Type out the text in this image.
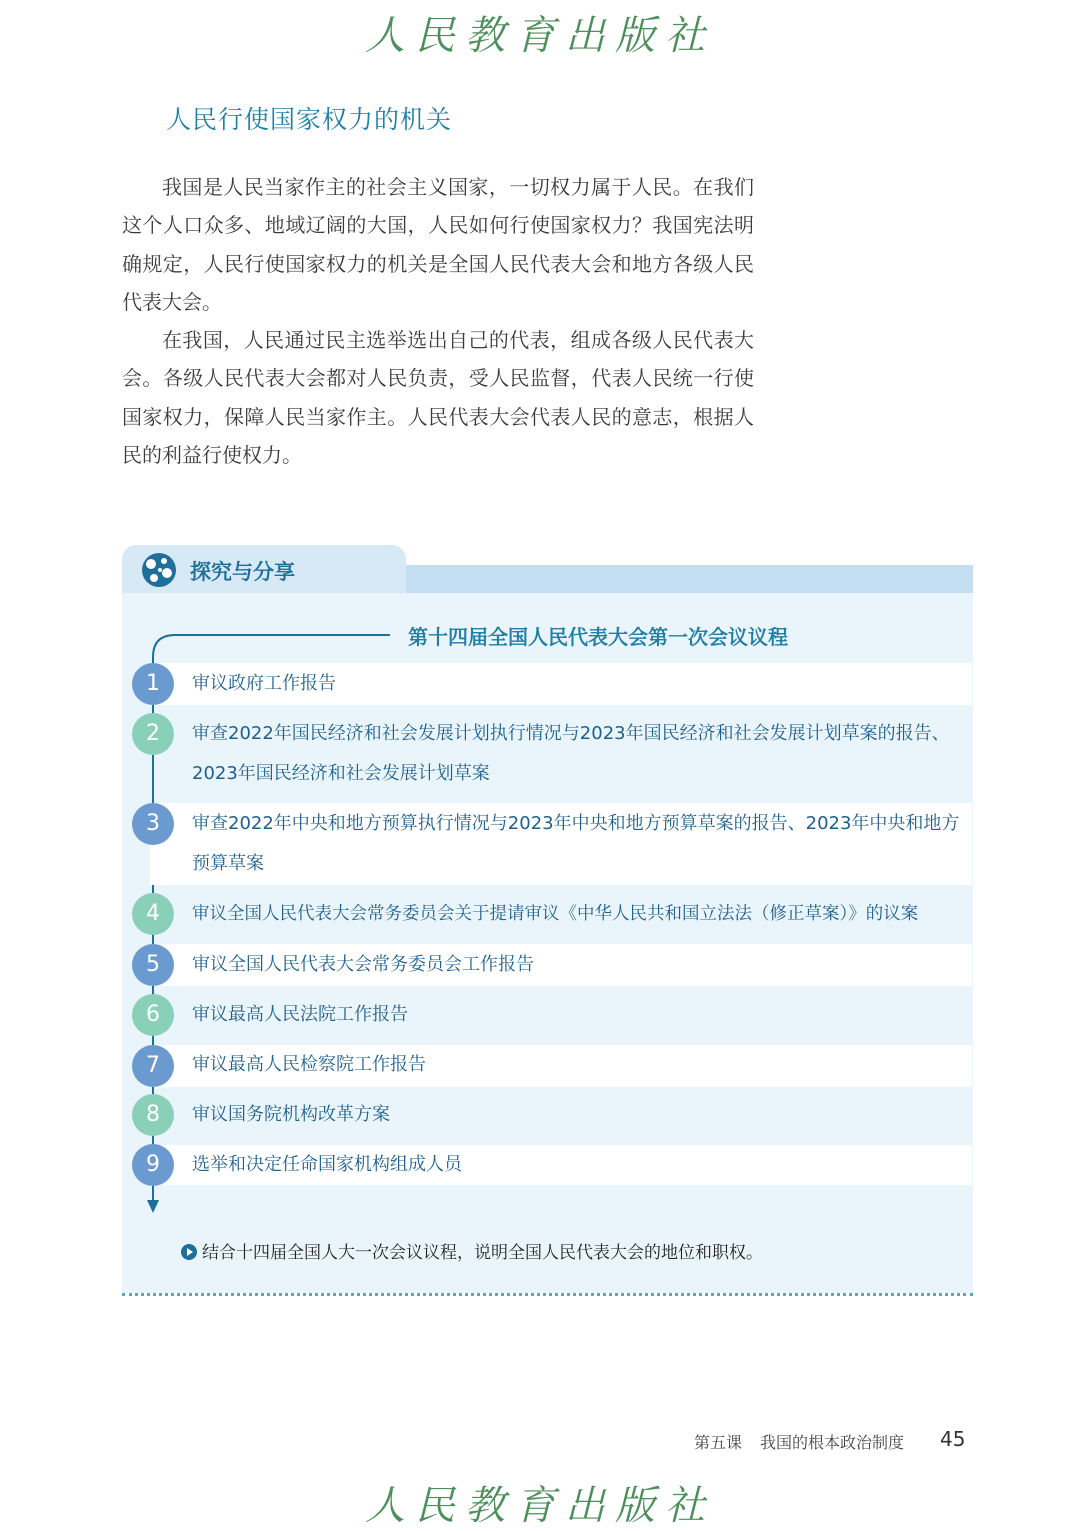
人民教育出版社
人民行使国家权力的机关

我国是人民当家作主的社会主义国家，一切权力属于人民。在我们这个人口众多、地域辽阔的大国，人民如何行使国家权力？我国宪法明确规定，人民行使国家权力的机关是全国人民代表大会和地方各级人民代表大会。

在我国，人民通过民主选举选出自己的代表，组成各级人民代表大会。各级人民代表大会都对人民负责，受人民监督，代表人民统一行使国家权力，保障人民当家作主。人民代表大会代表人民的意志，根据人民的利益行使权力。

探究与分享
第十四届全国人民代表大会第一次会议议程
1
2
3
4
5
6
7
8
9
审议政府工作报告
审查2022年国民经济和社会发展计划执行情况与2023年国民经济和社会发展计划草案的报告、2023年国民经济和社会发展计划草案
审查2022年中央和地方预算执行情况与2023年中央和地方预算草案的报告、2023年中央和地方预算草案
审议全国人民代表大会常务委员会关于提请审议《中华人民共和国立法法（修正草案）》的议案
审议全国人民代表大会常务委员会工作报告
审议最高人民法院工作报告
审议最高人民检察院工作报告
审议国务院机构改革方案
选举和决定任命国家机构组成人员
结合十四届全国人大一次会议议程，说明全国人民代表大会的地位和职权。
第五课 我国的根本政治制度	45
人民教育出版社
